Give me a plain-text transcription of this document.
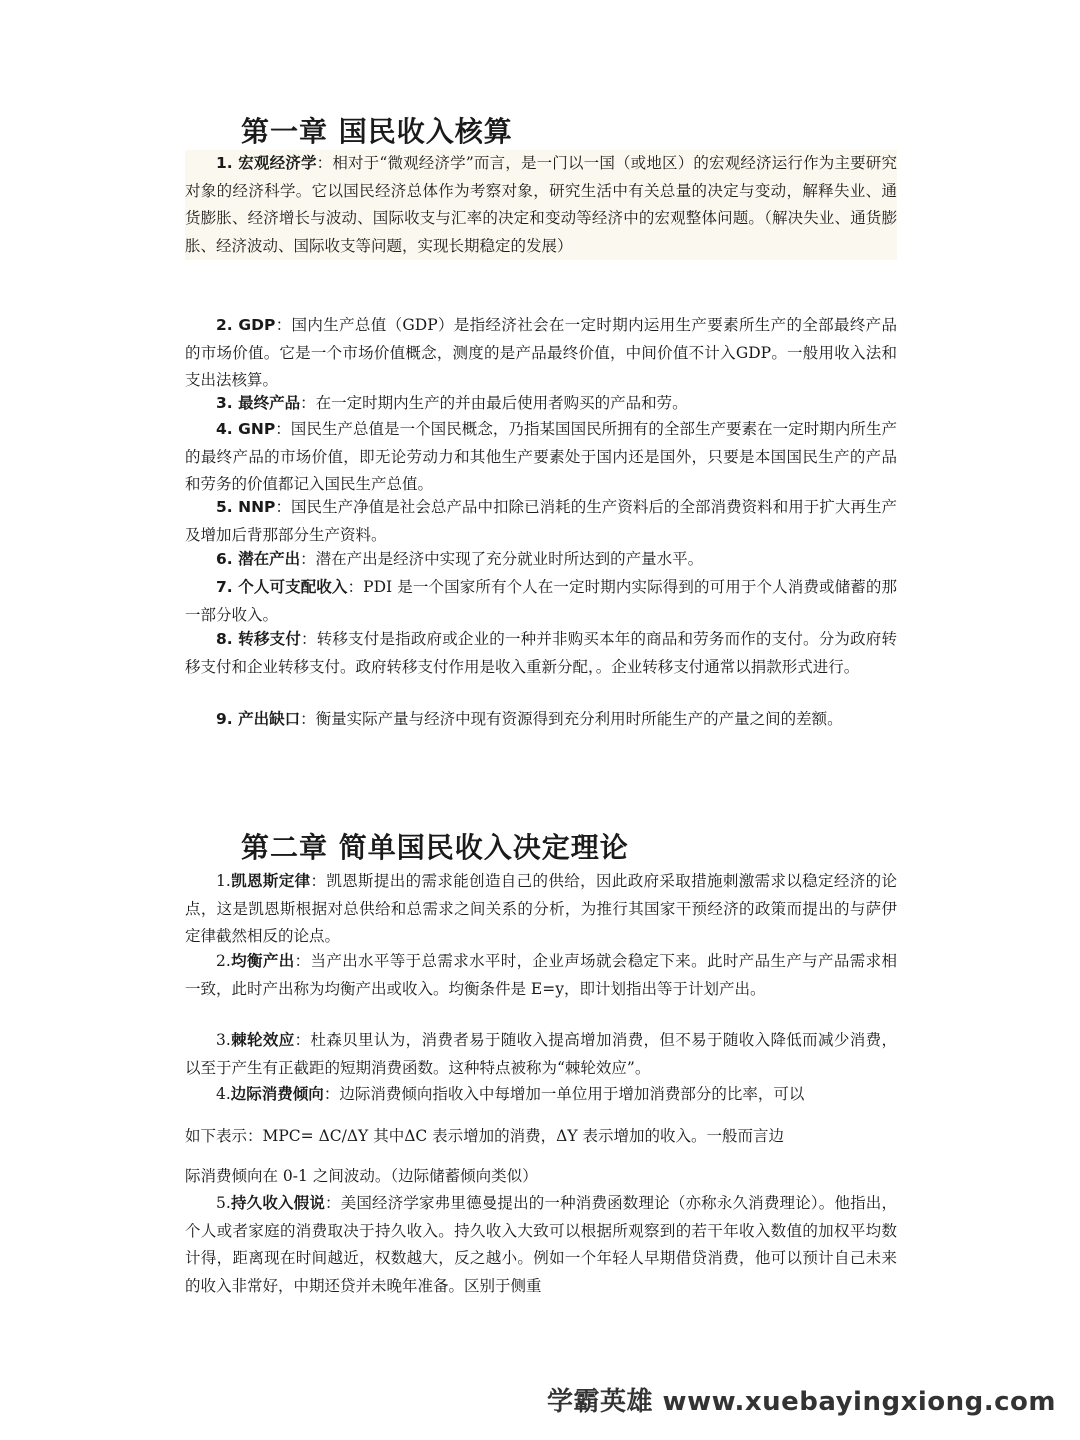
第一章 国民收入核算

1. 宏观经济学：相对于“微观经济学”而言，是一门以一国（或地区）的宏观经济运行作为主要研究对象的经济科学。它以国民经济总体作为考察对象，研究生活中有关总量的决定与变动，解释失业、通货膨胀、经济增长与波动、国际收支与汇率的决定和变动等经济中的宏观整体问题。（解决失业、通货膨胀、经济波动、国际收支等问题，实现长期稳定的发展）

2. GDP：国内生产总值（GDP）是指经济社会在一定时期内运用生产要素所生产的全部最终产品的市场价值。它是一个市场价值概念，测度的是产品最终价值，中间价值不计入GDP。一般用收入法和支出法核算。

3. 最终产品：在一定时期内生产的并由最后使用者购买的产品和劳。

4. GNP：国民生产总值是一个国民概念，乃指某国国民所拥有的全部生产要素在一定时期内所生产的最终产品的市场价值，即无论劳动力和其他生产要素处于国内还是国外，只要是本国国民生产的产品和劳务的价值都记入国民生产总值。

5. NNP：国民生产净值是社会总产品中扣除已消耗的生产资料后的全部消费资料和用于扩大再生产及增加后背那部分生产资料。

6. 潜在产出：潜在产出是经济中实现了充分就业时所达到的产量水平。

7. 个人可支配收入：PDI 是一个国家所有个人在一定时期内实际得到的可用于个人消费或储蓄的那一部分收入。

8. 转移支付：转移支付是指政府或企业的一种并非购买本年的商品和劳务而作的支付。分为政府转移支付和企业转移支付。政府转移支付作用是收入重新分配，。企业转移支付通常以捐款形式进行。

9. 产出缺口：衡量实际产量与经济中现有资源得到充分利用时所能生产的产量之间的差额。

第二章 简单国民收入决定理论

1.凯恩斯定律：凯恩斯提出的需求能创造自己的供给，因此政府采取措施刺激需求以稳定经济的论点，这是凯恩斯根据对总供给和总需求之间关系的分析，为推行其国家干预经济的政策而提出的与萨伊定律截然相反的论点。

2.均衡产出：当产出水平等于总需求水平时，企业声场就会稳定下来。此时产品生产与产品需求相一致，此时产出称为均衡产出或收入。均衡条件是 E=y，即计划指出等于计划产出。

3.棘轮效应：杜森贝里认为，消费者易于随收入提高增加消费，但不易于随收入降低而减少消费，以至于产生有正截距的短期消费函数。这种特点被称为“棘轮效应”。

4.边际消费倾向：边际消费倾向指收入中每增加一单位用于增加消费部分的比率，可以

如下表示：MPC= ΔC/ΔY 其中ΔC 表示增加的消费，ΔY 表示增加的收入。一般而言边
际消费倾向在 0-1 之间波动。（边际储蓄倾向类似）

5.持久收入假说：美国经济学家弗里德曼提出的一种消费函数理论（亦称永久消费理论）。他指出，个人或者家庭的消费取决于持久收入。持久收入大致可以根据所观察到的若干年收入数值的加权平均数计得，距离现在时间越近，权数越大，反之越小。例如一个年轻人早期借贷消费，他可以预计自己未来的收入非常好，中期还贷并未晚年准备。区别于侧重

学霸英雄 www.xuebayingxiong.com
